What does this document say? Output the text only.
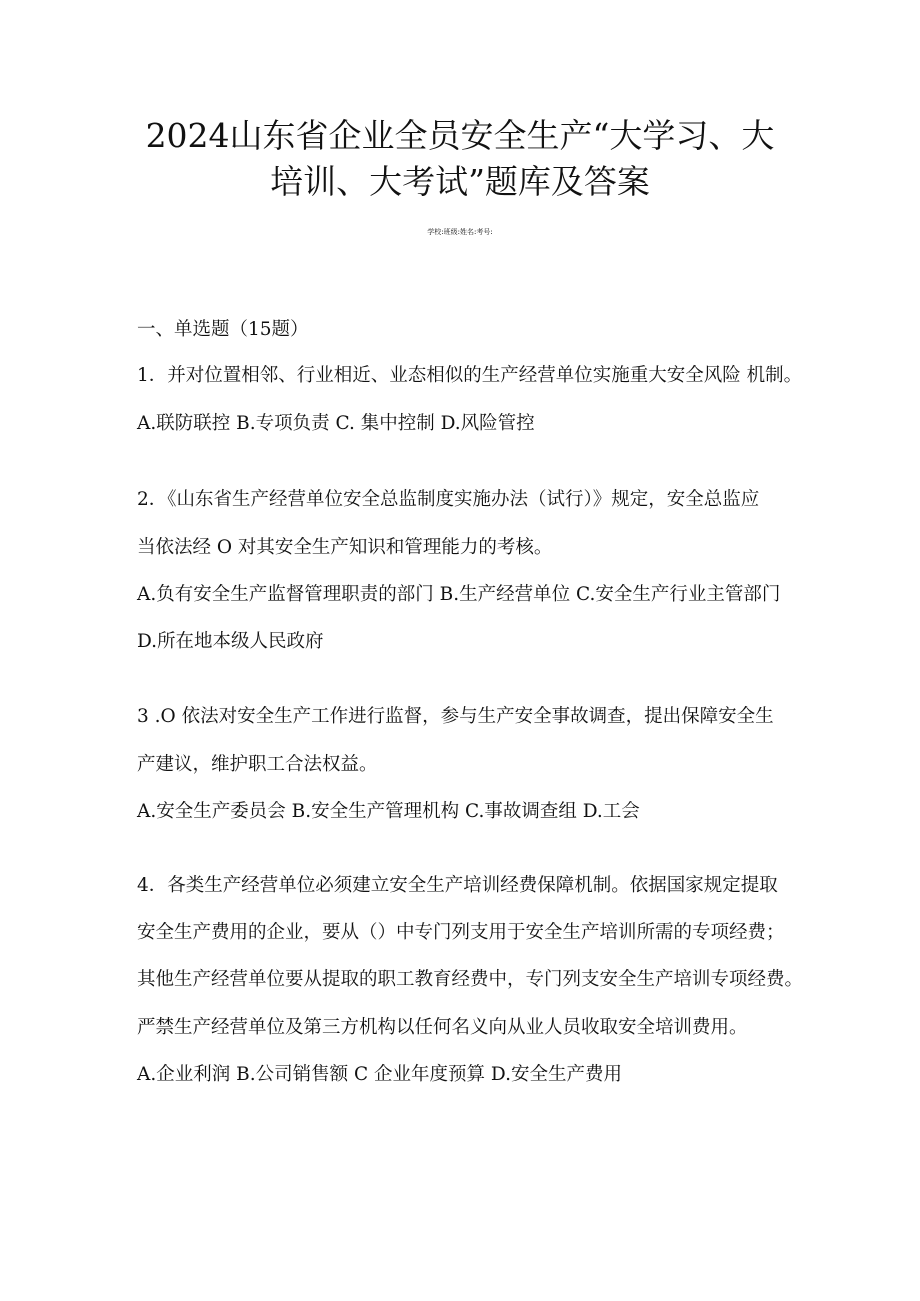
2024山东省企业全员安全生产“大学习、大
培训、大考试”题库及答案
学校:班级:姓名:考号:
一、单选题（15题）
1．并对位置相邻、行业相近、业态相似的生产经营单位实施重大安全风险 机制。
A.联防联控 B.专项负责 C. 集中控制 D.风险管控
2．《山东省生产经营单位安全总监制度实施办法（试行）》规定，安全总监应
当依法经 O 对其安全生产知识和管理能力的考核。
A.负有安全生产监督管理职责的部门 B.生产经营单位 C.安全生产行业主管部门
D.所在地本级人民政府
3 .O 依法对安全生产工作进行监督，参与生产安全事故调查，提出保障安全生
产建议，维护职工合法权益。
A.安全生产委员会 B.安全生产管理机构 C.事故调查组 D.工会
4．各类生产经营单位必须建立安全生产培训经费保障机制。依据国家规定提取
安全生产费用的企业，要从（）中专门列支用于安全生产培训所需的专项经费；
其他生产经营单位要从提取的职工教育经费中，专门列支安全生产培训专项经费。
严禁生产经营单位及第三方机构以任何名义向从业人员收取安全培训费用。
A.企业利润 B.公司销售额 C 企业年度预算 D.安全生产费用
